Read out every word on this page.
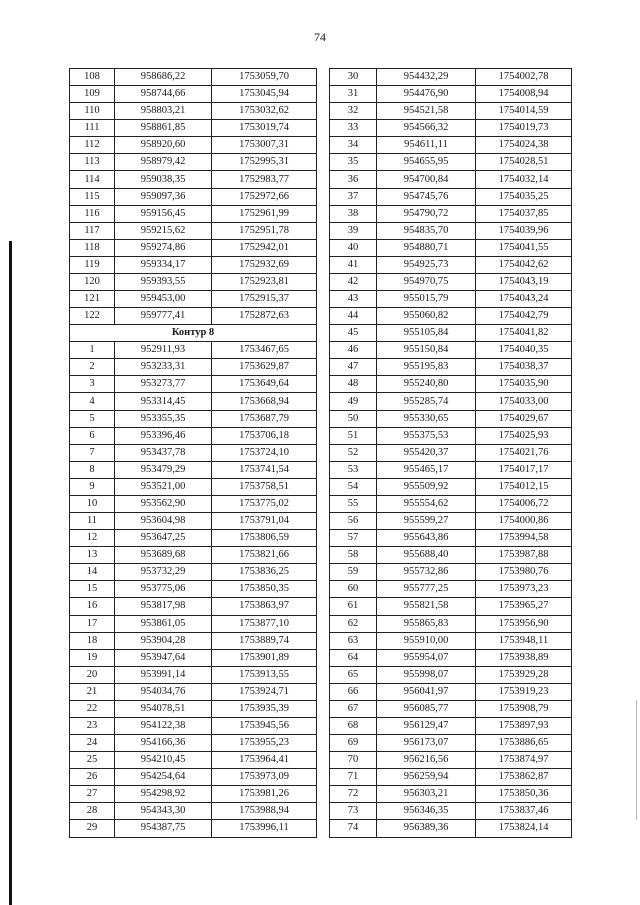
74
108	958686,22	1753059,70
109	958744,66	1753045,94
110	958803,21	1753032,62
111	958861,85	1753019,74
112	958920,60	1753007,31
113	958979,42	1752995,31
114	959038,35	1752983,77
115	959097,36	1752972,66
116	959156,45	1752961,99
117	959215,62	1752951,78
118	959274,86	1752942,01
119	959334,17	1752932,69
120	959393,55	1752923,81
121	959453,00	1752915,37
122	959777,41	1752872,63
Контур 8		
1	952911,93	1753467,65
2	953233,31	1753629,87
3	953273,77	1753649,64
4	953314,45	1753668,94
5	953355,35	1753687,79
6	953396,46	1753706,18
7	953437,78	1753724,10
8	953479,29	1753741,54
9	953521,00	1753758,51
10	953562,90	1753775,02
11	953604,98	1753791,04
12	953647,25	1753806,59
13	953689,68	1753821,66
14	953732,29	1753836,25
15	953775,06	1753850,35
16	953817,98	1753863,97
17	953861,05	1753877,10
18	953904,28	1753889,74
19	953947,64	1753901,89
20	953991,14	1753913,55
21	954034,76	1753924,71
22	954078,51	1753935,39
23	954122,38	1753945,56
24	954166,36	1753955,23
25	954210,45	1753964,41
26	954254,64	1753973,09
27	954298,92	1753981,26
28	954343,30	1753988,94
29	954387,75	1753996,11
30	954432,29	1754002,78
31	954476,90	1754008,94
32	954521,58	1754014,59
33	954566,32	1754019,73
34	954611,11	1754024,38
35	954655,95	1754028,51
36	954700,84	1754032,14
37	954745,76	1754035,25
38	954790,72	1754037,85
39	954835,70	1754039,96
40	954880,71	1754041,55
41	954925,73	1754042,62
42	954970,75	1754043,19
43	955015,79	1754043,24
44	955060,82	1754042,79
45	955105,84	1754041,82
46	955150,84	1754040,35
47	955195,83	1754038,37
48	955240,80	1754035,90
49	955285,74	1754033,00
50	955330,65	1754029,67
51	955375,53	1754025,93
52	955420,37	1754021,76
53	955465,17	1754017,17
54	955509,92	1754012,15
55	955554,62	1754006,72
56	955599,27	1754000,86
57	955643,86	1753994,58
58	955688,40	1753987,88
59	955732,86	1753980,76
60	955777,25	1753973,23
61	955821,58	1753965,27
62	955865,83	1753956,90
63	955910,00	1753948,11
64	955954,07	1753938,89
65	955998,07	1753929,28
66	956041,97	1753919,23
67	956085,77	1753908,79
68	956129,47	1753897,93
69	956173,07	1753886,65
70	956216,56	1753874,97
71	956259,94	1753862,87
72	956303,21	1753850,36
73	956346,35	1753837,46
74	956389,36	1753824,14
